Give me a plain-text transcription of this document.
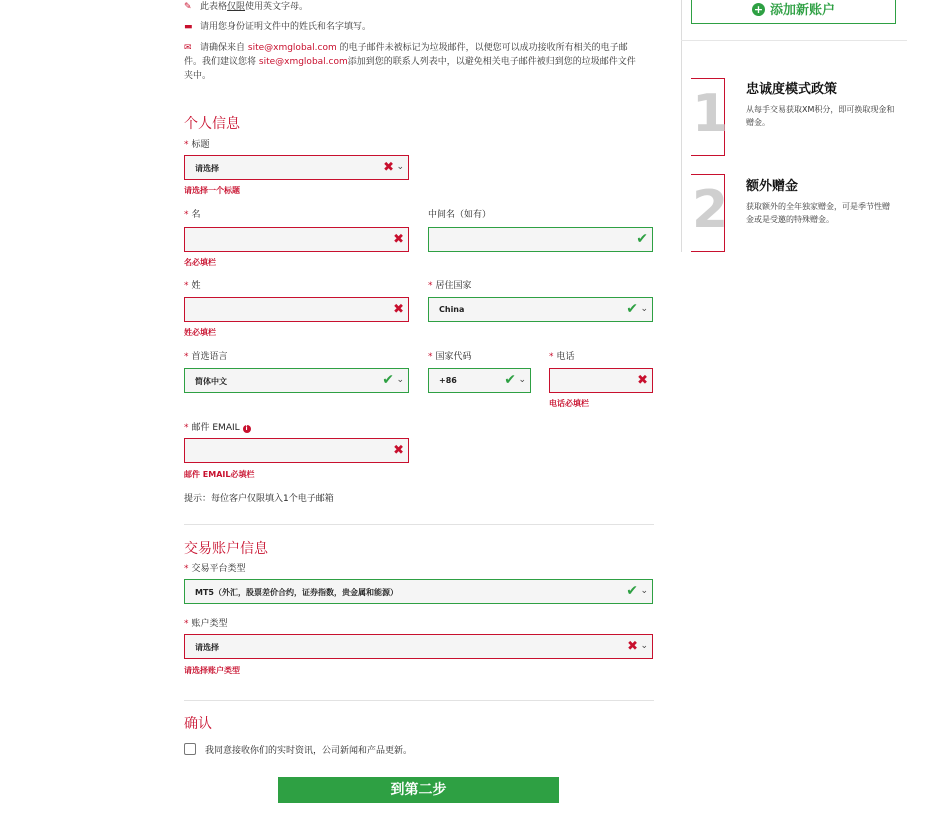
✎ 此表格仅限使用英文字母。
▬ 请用您身份证明文件中的姓氏和名字填写。
✉ 请确保来自 site@xmglobal.com 的电子邮件未被标记为垃圾邮件，以便您可以成功接收所有相关的电子邮
件。我们建议您将 site@xmglobal.com添加到您的联系人列表中，以避免相关电子邮件被归到您的垃圾邮件文件
夹中。
个人信息
* 标题
请选择	✖ ⌄
请选择一个标题
* 名
✖
名必填栏
中间名（如有）
✔
* 姓
✖
姓必填栏
* 居住国家
China	✔ ⌄
* 首选语言
简体中文	✔ ⌄
* 国家代码
+86	✔ ⌄
* 电话
✖
电话必填栏
* 邮件 EMAIL i
✖
邮件 EMAIL必填栏
提示：每位客户仅限填入1个电子邮箱
交易账户信息
* 交易平台类型
MT5（外汇，股票差价合约，证券指数，贵金属和能源）	✔ ⌄
* 账户类型
请选择	✖ ⌄
请选择账户类型
确认
我同意接收你们的实时资讯，公司新闻和产品更新。
到第二步
+ 添加新账户
1 忠诚度模式政策
从每手交易获取XM积分，即可换取现金和赠金。
2 额外赠金
获取额外的全年独家赠金，可是季节性赠金或是受邀的特殊赠金。
